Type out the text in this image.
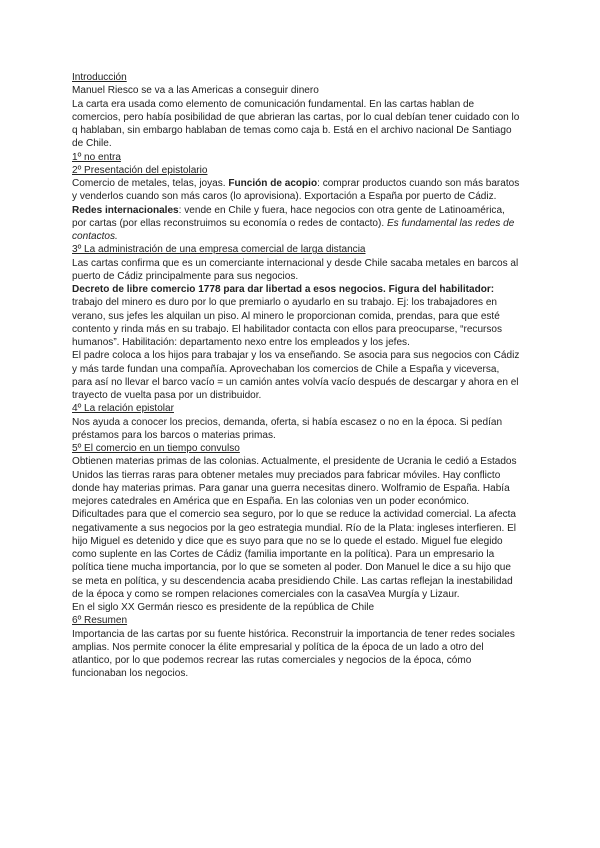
Introducción

Manuel Riesco se va a las Americas a conseguir dinero

La carta era usada como elemento de comunicación fundamental. En las cartas hablan de comercios, pero había posibilidad de que abrieran las cartas, por lo cual debían tener cuidado con lo q hablaban, sin embargo hablaban de temas como caja b. Está en el archivo nacional De Santiago de Chile.

1º no entra

2º Presentación del epistolario

Comercio de metales, telas, joyas. Función de acopio: comprar productos cuando son más baratos y venderlos cuando son más caros (lo aprovisiona). Exportación a España por puerto de Cádiz. Redes internacionales: vende en Chile y fuera, hace negocios con otra gente de Latinoamérica, por cartas (por ellas reconstruimos su economía o redes de contacto). Es fundamental las redes de contactos.

3º La administración de una empresa comercial de larga distancia

Las cartas confirma que es un comerciante internacional y desde Chile sacaba metales en barcos al puerto de Cádiz principalmente para sus negocios.

Decreto de libre comercio 1778 para dar libertad a esos negocios. Figura del habilitador: trabajo del minero es duro por lo que premiarlo o ayudarlo en su trabajo. Ej: los trabajadores en verano, sus jefes les alquilan un piso. Al minero le proporcionan comida, prendas, para que esté contento y rinda más en su trabajo. El habilitador contacta con ellos para preocuparse, “recursos humanos”. Habilitación: departamento nexo entre los empleados y los jefes.

El padre coloca a los hijos para trabajar y los va enseñando. Se asocia para sus negocios con Cádiz y más tarde fundan una compañía. Aprovechaban los comercios de Chile a España y viceversa, para así no llevar el barco vacío = un camión antes volvía vacío después de descargar y ahora en el trayecto de vuelta pasa por un distribuidor.

4º La relación epistolar

Nos ayuda a conocer los precios, demanda, oferta, si había escasez o no en la época. Si pedían préstamos para los barcos o materias primas.

5º El comercio en un tiempo convulso

Obtienen materias primas de las colonias. Actualmente, el presidente de Ucrania le cedió a Estados Unidos las tierras raras para obtener metales muy preciados para fabricar móviles. Hay conflicto donde hay materias primas. Para ganar una guerra necesitas dinero. Wolframio de España. Había mejores catedrales en América que en España. En las colonias ven un poder económico. Dificultades para que el comercio sea seguro, por lo que se reduce la actividad comercial. La afecta negativamente a sus negocios por la geo estrategia mundial. Río de la Plata: ingleses interfieren. El hijo Miguel es detenido y dice que es suyo para que no se lo quede el estado. Miguel fue elegido como suplente en las Cortes de Cádiz (familia importante en la política). Para un empresario la política tiene mucha importancia, por lo que se someten al poder. Don Manuel le dice a su hijo que se meta en política, y su descendencia acaba presidiendo Chile. Las cartas reflejan la inestabilidad de la época y como se rompen relaciones comerciales con la casaVea Murgía y Lizaur.

En el siglo XX Germán riesco es presidente de la república de Chile

6º Resumen

Importancia de las cartas por su fuente histórica. Reconstruir la importancia de tener redes sociales amplias. Nos permite conocer la élite empresarial y política de la época de un lado a otro del atlantico, por lo que podemos recrear las rutas comerciales y negocios de la época, cómo funcionaban los negocios.
